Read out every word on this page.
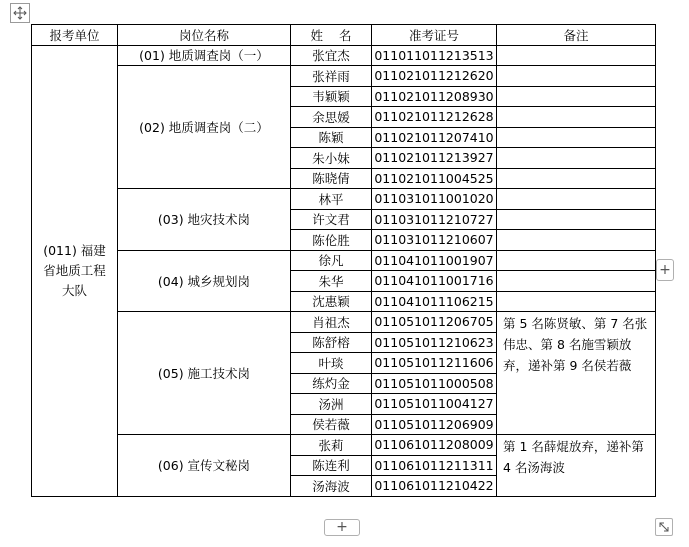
报考单位	岗位名称	姓    名	准考证号	备注
(011) 福建省地质工程大队	(01) 地质调查岗（一）	张宜杰	011011011213513	
	(02) 地质调查岗（二）	张祥雨	011021011212620	
		韦颖颖	011021011208930	
		余思媛	011021011212628	
		陈颖	011021011207410	
		朱小妹	011021011213927	
		陈晓倩	011021011004525	
	(03) 地灾技术岗	林平	011031011001020	
		许文君	011031011210727	
		陈伦胜	011031011210607	
	(04) 城乡规划岗	徐凡	011041011001907	
		朱华	011041011001716	
		沈惠颖	011041011106215	
	(05) 施工技术岗	肖祖杰	011051011206705	第 5 名陈贤敏、第 7 名张伟忠、第 8 名施雪颖放弃，递补第 9 名侯若薇
		陈舒榕	011051011210623	
		叶琰	011051011211606	
		练灼金	011051011000508	
		汤洲	011051011004127	
		侯若薇	011051011206909	
	(06) 宣传文秘岗	张莉	011061011208009	第 1 名薛焜放弃，递补第 4 名汤海波
		陈连利	011061011211311	
		汤海波	011061011210422	
+
+
